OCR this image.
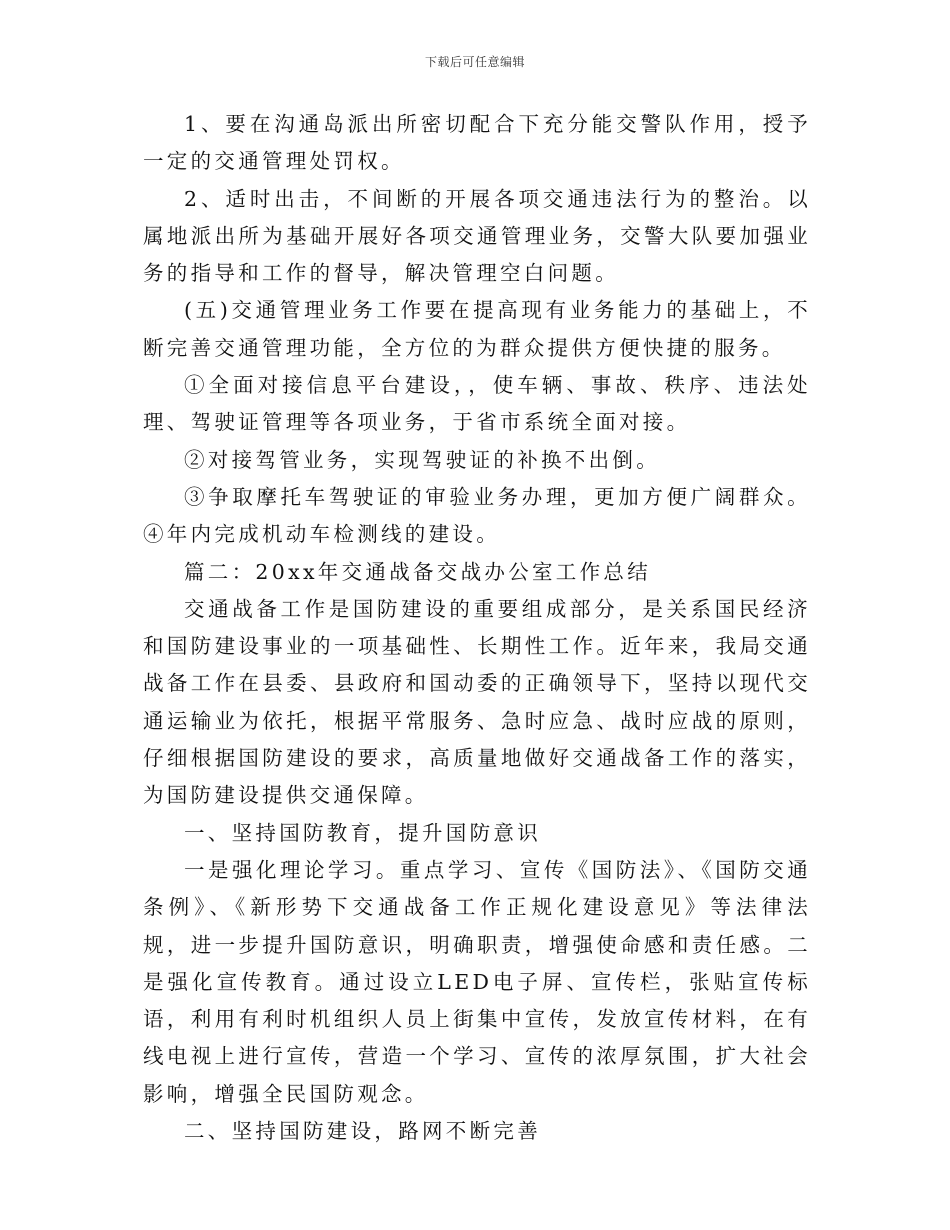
下载后可任意编辑

1、要在沟通岛派出所密切配合下充分能交警队作用，授予一定的交通管理处罚权。

2、适时出击，不间断的开展各项交通违法行为的整治。以属地派出所为基础开展好各项交通管理业务，交警大队要加强业务的指导和工作的督导，解决管理空白问题。

(五)交通管理业务工作要在提高现有业务能力的基础上，不断完善交通管理功能，全方位的为群众提供方便快捷的服务。

①全面对接信息平台建设，，使车辆、事故、秩序、违法处理、驾驶证管理等各项业务，于省市系统全面对接。

②对接驾管业务，实现驾驶证的补换不出倒。

③争取摩托车驾驶证的审验业务办理，更加方便广阔群众。④年内完成机动车检测线的建设。

篇二：20xx年交通战备交战办公室工作总结

交通战备工作是国防建设的重要组成部分，是关系国民经济和国防建设事业的一项基础性、长期性工作。近年来，我局交通战备工作在县委、县政府和国动委的正确领导下，坚持以现代交通运输业为依托，根据平常服务、急时应急、战时应战的原则，仔细根据国防建设的要求，高质量地做好交通战备工作的落实，为国防建设提供交通保障。

一、坚持国防教育，提升国防意识

一是强化理论学习。重点学习、宣传《国防法》、《国防交通条例》、《新形势下交通战备工作正规化建设意见》等法律法规，进一步提升国防意识，明确职责，增强使命感和责任感。二是强化宣传教育。通过设立LED电子屏、宣传栏，张贴宣传标语，利用有利时机组织人员上街集中宣传，发放宣传材料，在有线电视上进行宣传，营造一个学习、宣传的浓厚氛围，扩大社会影响，增强全民国防观念。

二、坚持国防建设，路网不断完善
